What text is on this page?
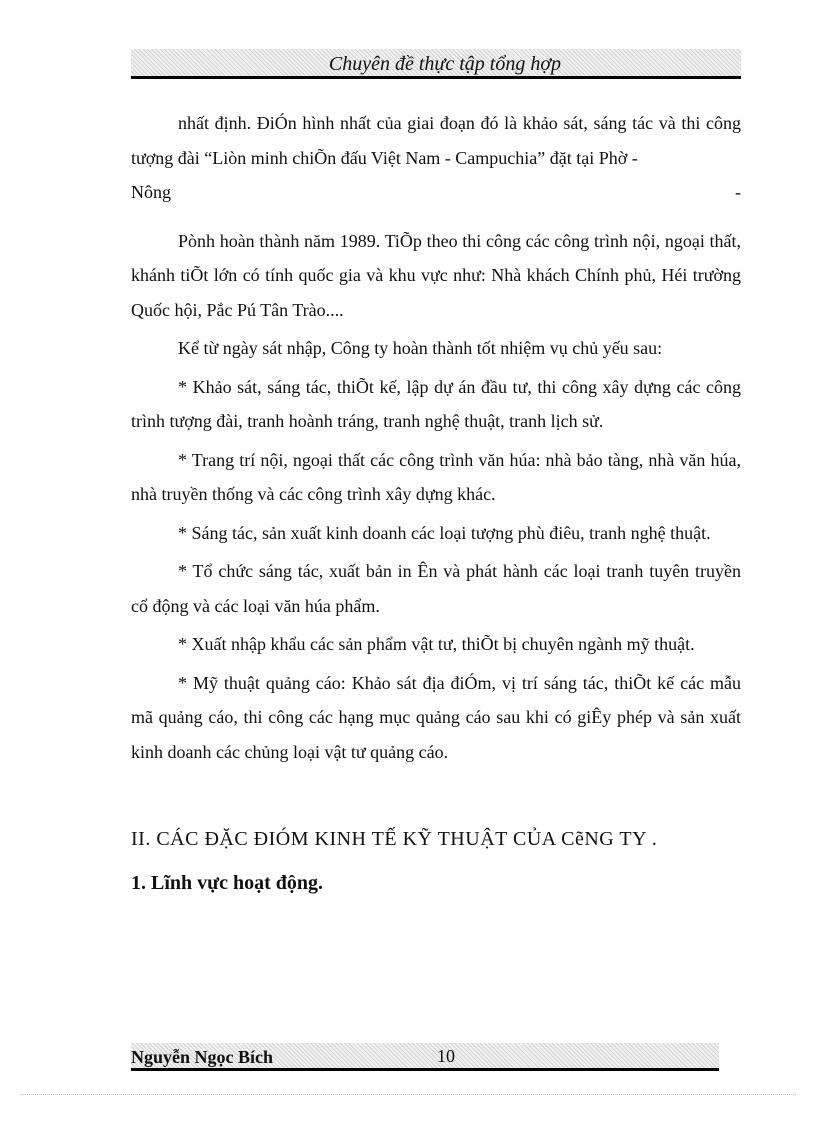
Chuyên đề thực tập tổng hợp

nhất định. ĐiÓn hình nhất của giai đoạn đó là khảo sát, sáng tác và thi công tượng đài “Liòn minh chiÕn đấu Việt Nam - Campuchia” đặt tại Phờ -

Nông	-

Pònh hoàn thành năm 1989. TiÕp theo thi công các công trình nội, ngoại thất, khánh tiÕt lớn có tính quốc gia và khu vực như: Nhà khách Chính phủ, Héi trường Quốc hội, Pắc Pú Tân Trào....

Kể từ ngày sát nhập, Công ty hoàn thành tốt nhiệm vụ chủ yếu sau:

* Khảo sát, sáng tác, thiÕt kế, lập dự án đầu tư, thi công xây dựng các công trình tượng đài, tranh hoành tráng, tranh nghệ thuật, tranh lịch sử.

* Trang trí nội, ngoại thất các công trình văn húa: nhà bảo tàng, nhà văn húa, nhà truyền thống và các công trình xây dựng khác.

* Sáng tác, sản xuất kinh doanh các loại tượng phù điêu, tranh nghệ thuật.

* Tổ chức sáng tác, xuất bản in Ên và phát hành các loại tranh tuyên truyền cổ động và các loại văn húa phẩm.

* Xuất nhập khẩu các sản phẩm vật tư, thiÕt bị chuyên ngành mỹ thuật.

* Mỹ thuật quảng cáo: Khảo sát địa điÓm, vị trí sáng tác, thiÕt kế các mẫu mã quảng cáo, thi công các hạng mục quảng cáo sau khi có giÊy phép và sản xuất kinh doanh các chủng loại vật tư quảng cáo.

II. CÁC ĐẶC ĐIÓM KINH TẾ KỸ THUẬT CỦA CẽNG TY .
1. Lĩnh vực hoạt động.
Nguyễn Ngọc Bích	10
